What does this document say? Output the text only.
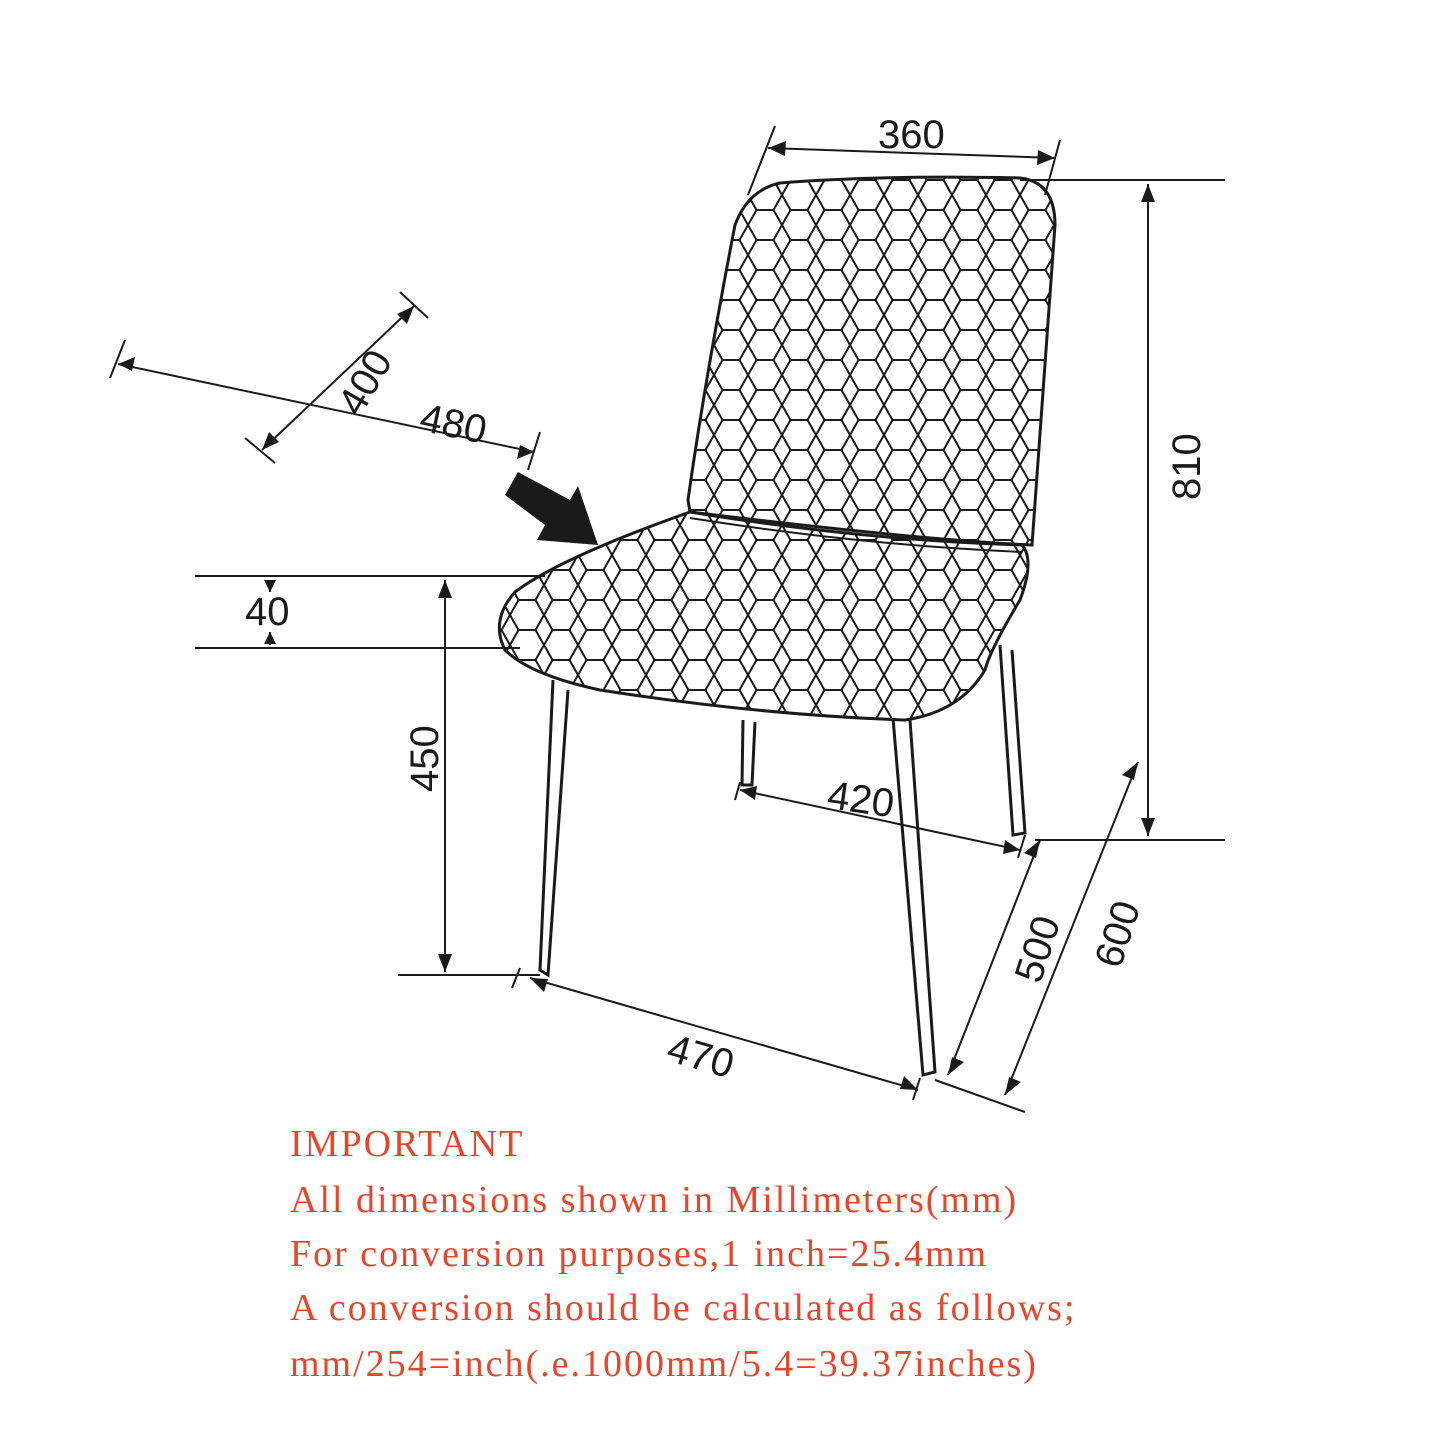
360
810
400
480
40
450
420
500 600
470
IMPORTANT
All dimensions shown in Millimeters(mm)
For conversion purposes,1 inch=25.4mm
A conversion should be calculated as follows;
mm/254=inch(.e.1000mm/5.4=39.37inches)
